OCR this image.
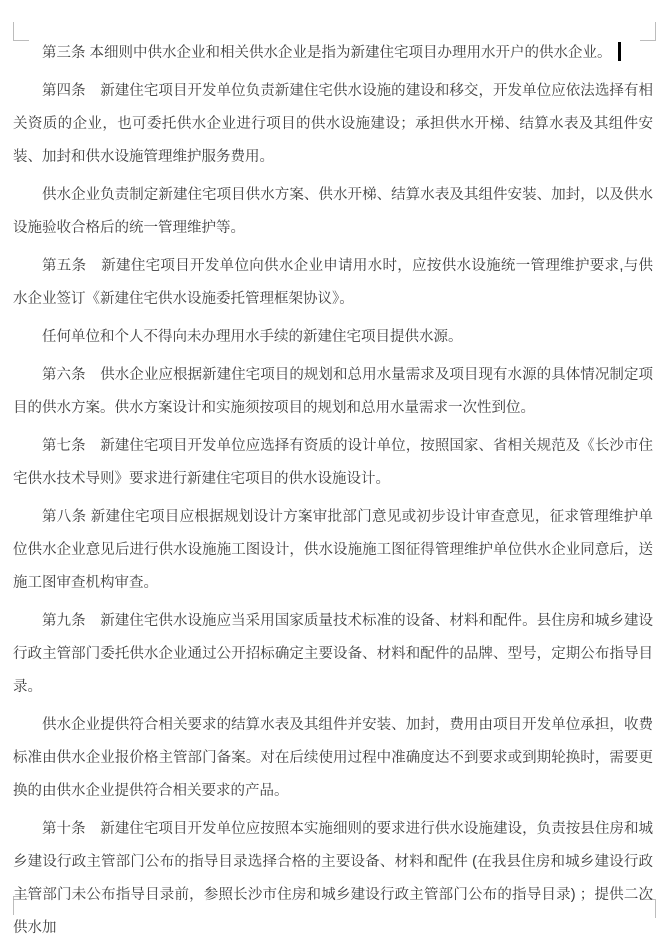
第三条 本细则中供水企业和相关供水企业是指为新建住宅项目办理用水开户的供水企业。

第四条　新建住宅项目开发单位负责新建住宅供水设施的建设和移交，开发单位应依法选择有相关资质的企业，也可委托供水企业进行项目的供水设施建设；承担供水开梯、结算水表及其组件安装、加封和供水设施管理维护服务费用。

供水企业负责制定新建住宅项目供水方案、供水开梯、结算水表及其组件安装、加封，以及供水设施验收合格后的统一管理维护等。

第五条　新建住宅项目开发单位向供水企业申请用水时，应按供水设施统一管理维护要求,与供水企业签订《新建住宅供水设施委托管理框架协议》。

任何单位和个人不得向未办理用水手续的新建住宅项目提供水源。

第六条　供水企业应根据新建住宅项目的规划和总用水量需求及项目现有水源的具体情况制定项目的供水方案。供水方案设计和实施须按项目的规划和总用水量需求一次性到位。

第七条　新建住宅项目开发单位应选择有资质的设计单位，按照国家、省相关规范及《长沙市住宅供水技术导则》要求进行新建住宅项目的供水设施设计。

第八条 新建住宅项目应根据规划设计方案审批部门意见或初步设计审查意见，征求管理维护单位供水企业意见后进行供水设施施工图设计，供水设施施工图征得管理维护单位供水企业同意后，送施工图审查机构审查。

第九条　新建住宅供水设施应当采用国家质量技术标准的设备、材料和配件。县住房和城乡建设行政主管部门委托供水企业通过公开招标确定主要设备、材料和配件的品牌、型号，定期公布指导目录。

供水企业提供符合相关要求的结算水表及其组件并安装、加封，费用由项目开发单位承担，收费标准由供水企业报价格主管部门备案。对在后续使用过程中准确度达不到要求或到期轮换时，需要更换的由供水企业提供符合相关要求的产品。

第十条　新建住宅项目开发单位应按照本实施细则的要求进行供水设施建设，负责按县住房和城乡建设行政主管部门公布的指导目录选择合格的主要设备、材料和配件 (在我县住房和城乡建设行政主管部门未公布指导目录前，参照长沙市住房和城乡建设行政主管部门公布的指导目录) ；提供二次供水加
